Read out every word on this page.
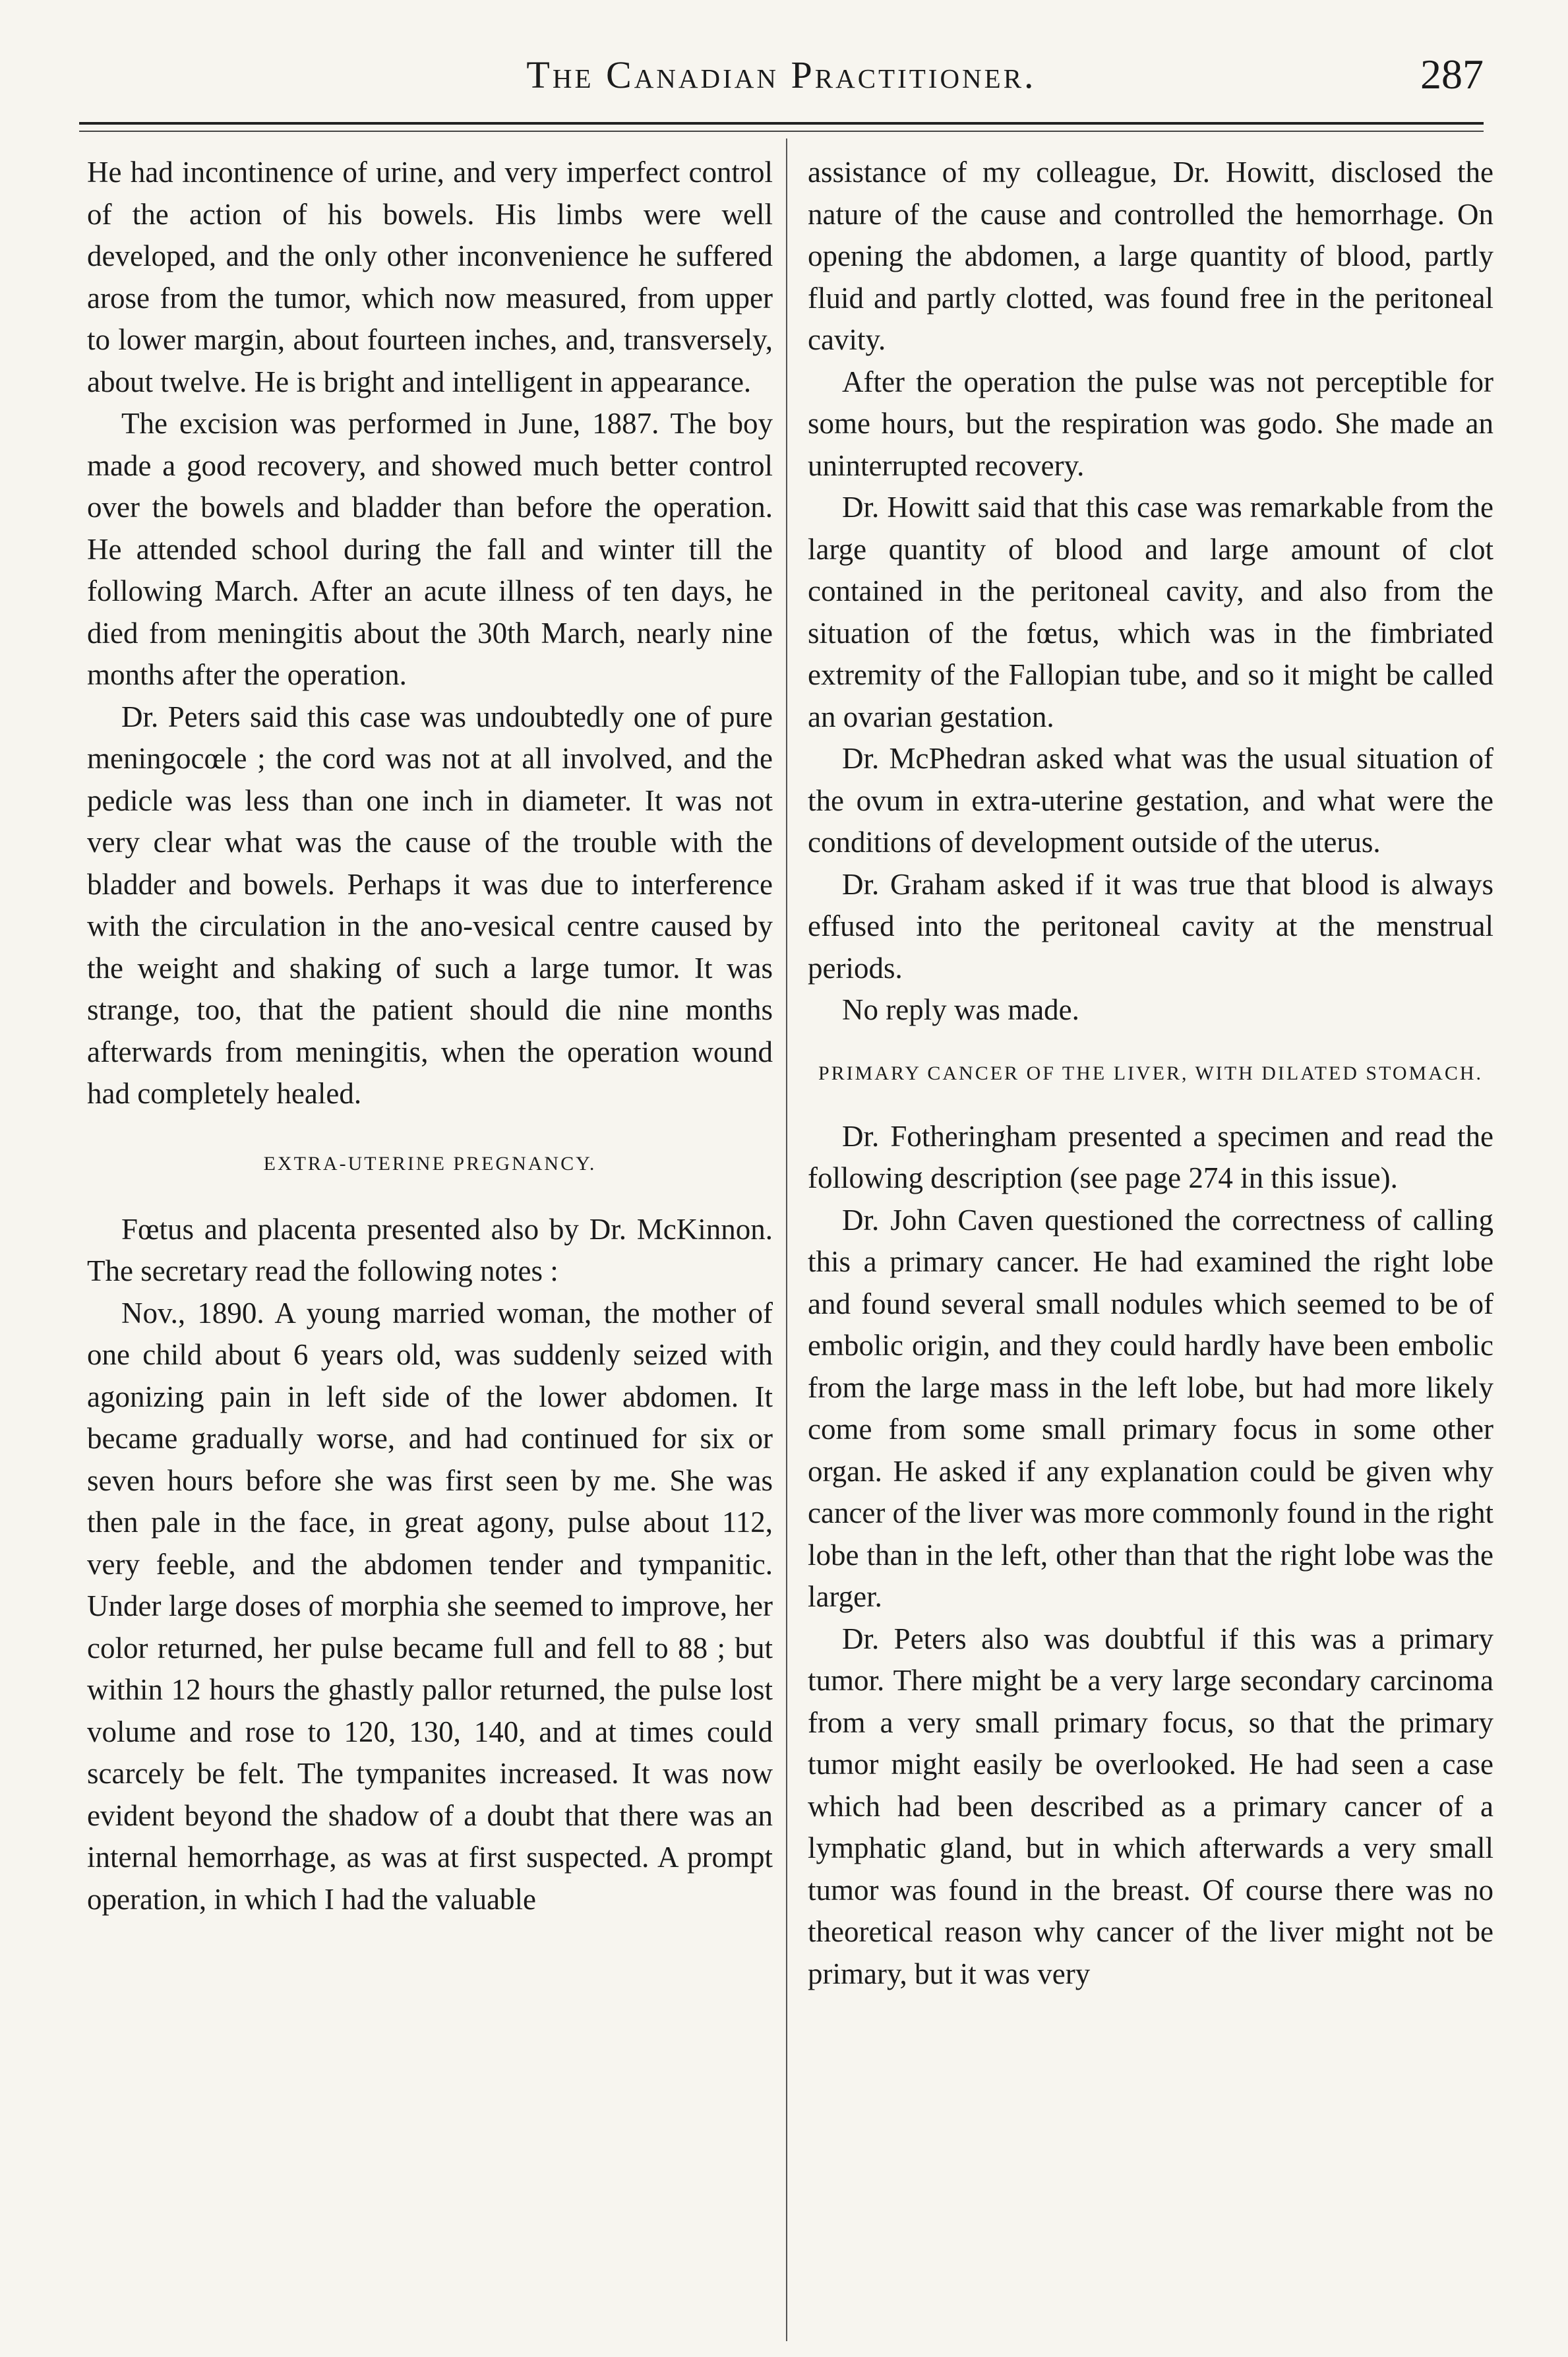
The Canadian Practitioner.	287

He had incontinence of urine, and very imperfect control of the action of his bowels. His limbs were well developed, and the only other inconvenience he suffered arose from the tumor, which now measured, from upper to lower margin, about fourteen inches, and, transversely, about twelve. He is bright and intelligent in appearance.

The excision was performed in June, 1887. The boy made a good recovery, and showed much better control over the bowels and bladder than before the operation. He attended school during the fall and winter till the following March. After an acute illness of ten days, he died from meningitis about the 30th March, nearly nine months after the operation.

Dr. Peters said this case was undoubtedly one of pure meningocœle ; the cord was not at all involved, and the pedicle was less than one inch in diameter. It was not very clear what was the cause of the trouble with the bladder and bowels. Perhaps it was due to interference with the circulation in the ano-vesical centre caused by the weight and shaking of such a large tumor. It was strange, too, that the patient should die nine months afterwards from meningitis, when the operation wound had completely healed.

EXTRA-UTERINE PREGNANCY.

Fœtus and placenta presented also by Dr. McKinnon. The secretary read the following notes :

Nov., 1890. A young married woman, the mother of one child about 6 years old, was suddenly seized with agonizing pain in left side of the lower abdomen. It became gradually worse, and had continued for six or seven hours before she was first seen by me. She was then pale in the face, in great agony, pulse about 112, very feeble, and the abdomen tender and tympanitic. Under large doses of morphia she seemed to improve, her color returned, her pulse became full and fell to 88 ; but within 12 hours the ghastly pallor returned, the pulse lost volume and rose to 120, 130, 140, and at times could scarcely be felt. The tympanites increased. It was now evident beyond the shadow of a doubt that there was an internal hemorrhage, as was at first suspected. A prompt operation, in which I had the valuable

assistance of my colleague, Dr. Howitt, disclosed the nature of the cause and controlled the hemorrhage. On opening the abdomen, a large quantity of blood, partly fluid and partly clotted, was found free in the peritoneal cavity.

After the operation the pulse was not perceptible for some hours, but the respiration was godo. She made an uninterrupted recovery.

Dr. Howitt said that this case was remarkable from the large quantity of blood and large amount of clot contained in the peritoneal cavity, and also from the situation of the fœtus, which was in the fimbriated extremity of the Fallopian tube, and so it might be called an ovarian gestation.

Dr. McPhedran asked what was the usual situation of the ovum in extra-uterine gestation, and what were the conditions of development outside of the uterus.

Dr. Graham asked if it was true that blood is always effused into the peritoneal cavity at the menstrual periods.

No reply was made.

PRIMARY CANCER OF THE LIVER, WITH DILATED STOMACH.

Dr. Fotheringham presented a specimen and read the following description (see page 274 in this issue).

Dr. John Caven questioned the correctness of calling this a primary cancer. He had examined the right lobe and found several small nodules which seemed to be of embolic origin, and they could hardly have been embolic from the large mass in the left lobe, but had more likely come from some small primary focus in some other organ. He asked if any explanation could be given why cancer of the liver was more commonly found in the right lobe than in the left, other than that the right lobe was the larger.

Dr. Peters also was doubtful if this was a primary tumor. There might be a very large secondary carcinoma from a very small primary focus, so that the primary tumor might easily be overlooked. He had seen a case which had been described as a primary cancer of a lymphatic gland, but in which afterwards a very small tumor was found in the breast. Of course there was no theoretical reason why cancer of the liver might not be primary, but it was very
